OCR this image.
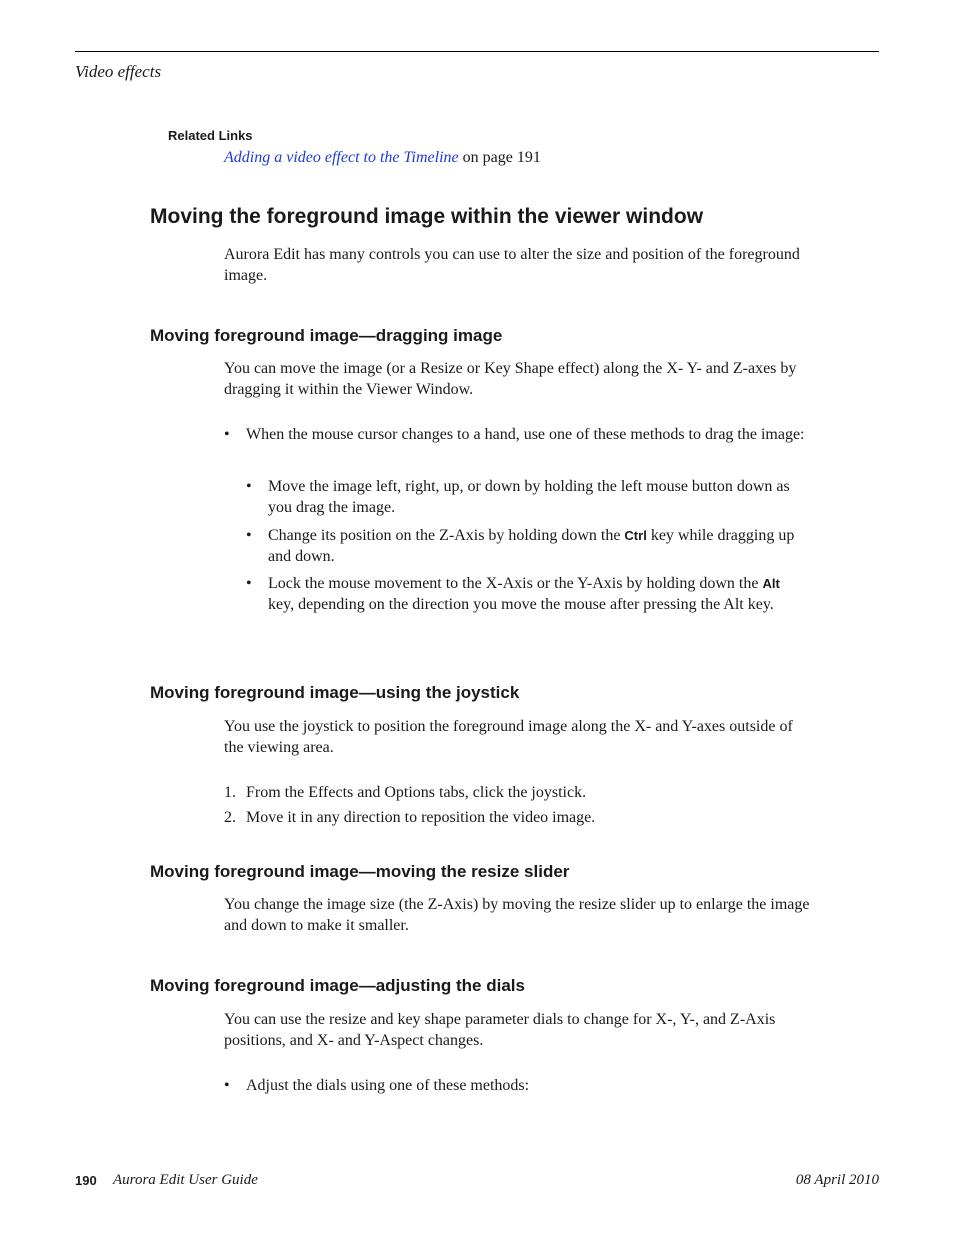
Video effects
Related Links
Adding a video effect to the Timeline on page 191
Moving the foreground image within the viewer window

Aurora Edit has many controls you can use to alter the size and position of the foreground image.

Moving foreground image—dragging image

You can move the image (or a Resize or Key Shape effect) along the X- Y- and Z-axes by dragging it within the Viewer Window.

• When the mouse cursor changes to a hand, use one of these methods to drag the image:
• Move the image left, right, up, or down by holding the left mouse button down as you drag the image.
• Change its position on the Z-Axis by holding down the Ctrl key while dragging up and down.
• Lock the mouse movement to the X-Axis or the Y-Axis by holding down the Alt key, depending on the direction you move the mouse after pressing the Alt key.
Moving foreground image—using the joystick

You use the joystick to position the foreground image along the X- and Y-axes outside of the viewing area.

1. From the Effects and Options tabs, click the joystick.
2. Move it in any direction to reposition the video image.
Moving foreground image—moving the resize slider

You change the image size (the Z-Axis) by moving the resize slider up to enlarge the image and down to make it smaller.

Moving foreground image—adjusting the dials

You can use the resize and key shape parameter dials to change for X-, Y-, and Z-Axis positions, and X- and Y-Aspect changes.

• Adjust the dials using one of these methods:
190 Aurora Edit User Guide	08 April 2010
